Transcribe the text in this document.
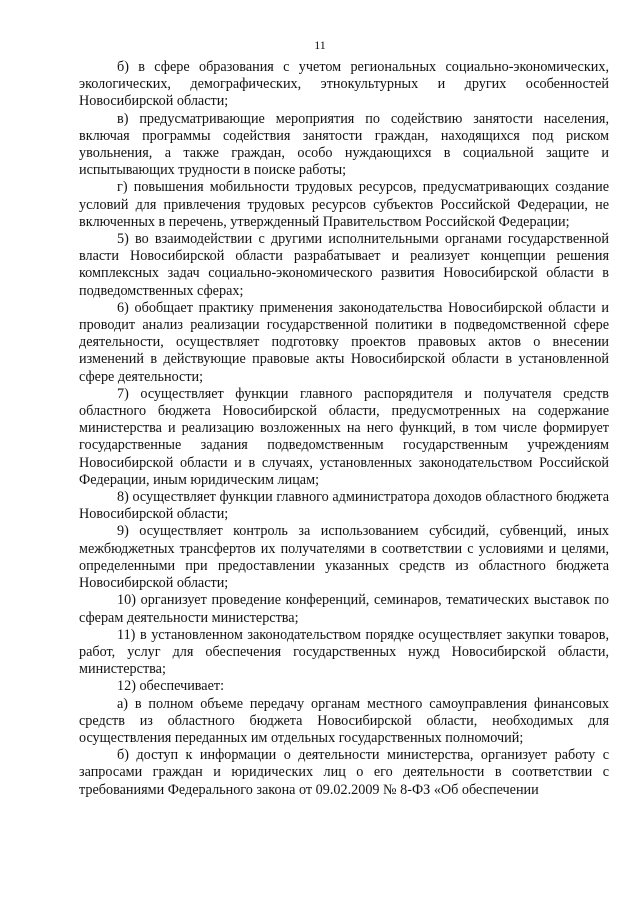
11

б) в сфере образования с учетом региональных социально-экономических, экологических, демографических, этнокультурных и других особенностей Новосибирской области;

в) предусматривающие мероприятия по содействию занятости населения, включая программы содействия занятости граждан, находящихся под риском увольнения, а также граждан, особо нуждающихся в социальной защите и испытывающих трудности в поиске работы;

г) повышения мобильности трудовых ресурсов, предусматривающих создание условий для привлечения трудовых ресурсов субъектов Российской Федерации, не включенных в перечень, утвержденный Правительством Российской Федерации;

5) во взаимодействии с другими исполнительными органами государственной власти Новосибирской области разрабатывает и реализует концепции решения комплексных задач социально-экономического развития Новосибирской области в подведомственных сферах;

6) обобщает практику применения законодательства Новосибирской области и проводит анализ реализации государственной политики в подведомственной сфере деятельности, осуществляет подготовку проектов правовых актов о внесении изменений в действующие правовые акты Новосибирской области в установленной сфере деятельности;

7) осуществляет функции главного распорядителя и получателя средств областного бюджета Новосибирской области, предусмотренных на содержание министерства и реализацию возложенных на него функций, в том числе формирует государственные задания подведомственным государственным учреждениям Новосибирской области и в случаях, установленных законодательством Российской Федерации, иным юридическим лицам;

8) осуществляет функции главного администратора доходов областного бюджета Новосибирской области;

9) осуществляет контроль за использованием субсидий, субвенций, иных межбюджетных трансфертов их получателями в соответствии с условиями и целями, определенными при предоставлении указанных средств из областного бюджета Новосибирской области;

10) организует проведение конференций, семинаров, тематических выставок по сферам деятельности министерства;

11) в установленном законодательством порядке осуществляет закупки товаров, работ, услуг для обеспечения государственных нужд Новосибирской области, министерства;

12) обеспечивает:

а) в полном объеме передачу органам местного самоуправления финансовых средств из областного бюджета Новосибирской области, необходимых для осуществления переданных им отдельных государственных полномочий;

б) доступ к информации о деятельности министерства, организует работу с запросами граждан и юридических лиц о его деятельности в соответствии с требованиями Федерального закона от 09.02.2009 № 8-ФЗ «Об обеспечении
